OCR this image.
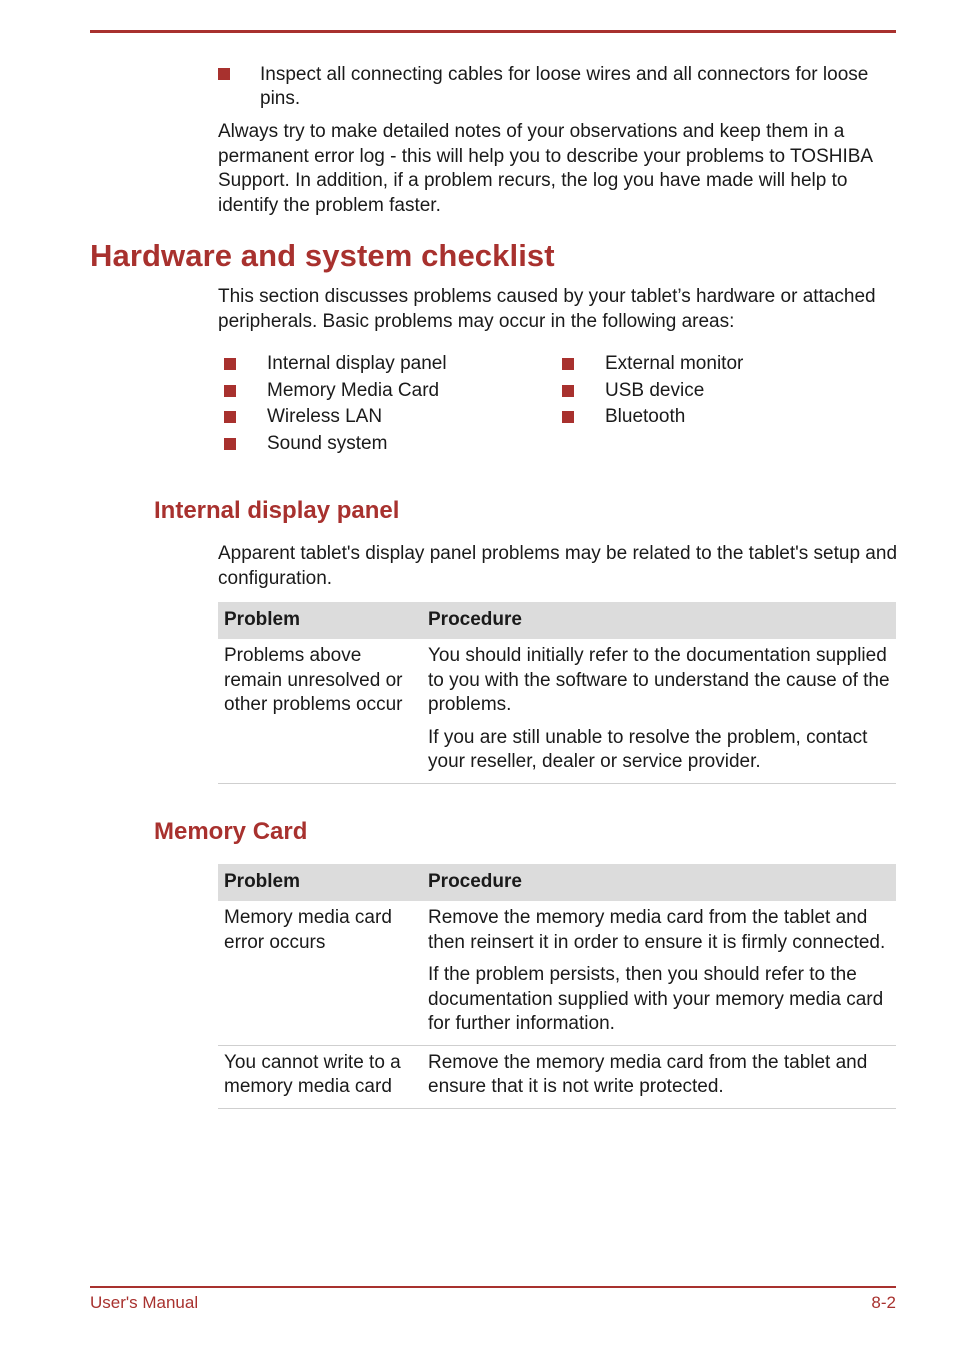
Inspect all connecting cables for loose wires and all connectors for loose pins.

Always try to make detailed notes of your observations and keep them in a permanent error log - this will help you to describe your problems to TOSHIBA Support. In addition, if a problem recurs, the log you have made will help to identify the problem faster.

Hardware and system checklist

This section discusses problems caused by your tablet’s hardware or attached peripherals. Basic problems may occur in the following areas:

Internal display panel
Memory Media Card
Wireless LAN
Sound system
External monitor
USB device
Bluetooth
Internal display panel

Apparent tablet's display panel problems may be related to the tablet's setup and configuration.

Problem	Procedure
Problems above remain unresolved or other problems occur	You should initially refer to the documentation supplied to you with the software to understand the cause of the problems.

If you are still unable to resolve the problem, contact your reseller, dealer or service provider.

Memory Card
Problem	Procedure
Memory media card error occurs	Remove the memory media card from the tablet and then reinsert it in order to ensure it is firmly connected.

If the problem persists, then you should refer to the documentation supplied with your memory media card for further information.

You cannot write to a memory media card	Remove the memory media card from the tablet and ensure that it is not write protected.

User's Manual	8-2
